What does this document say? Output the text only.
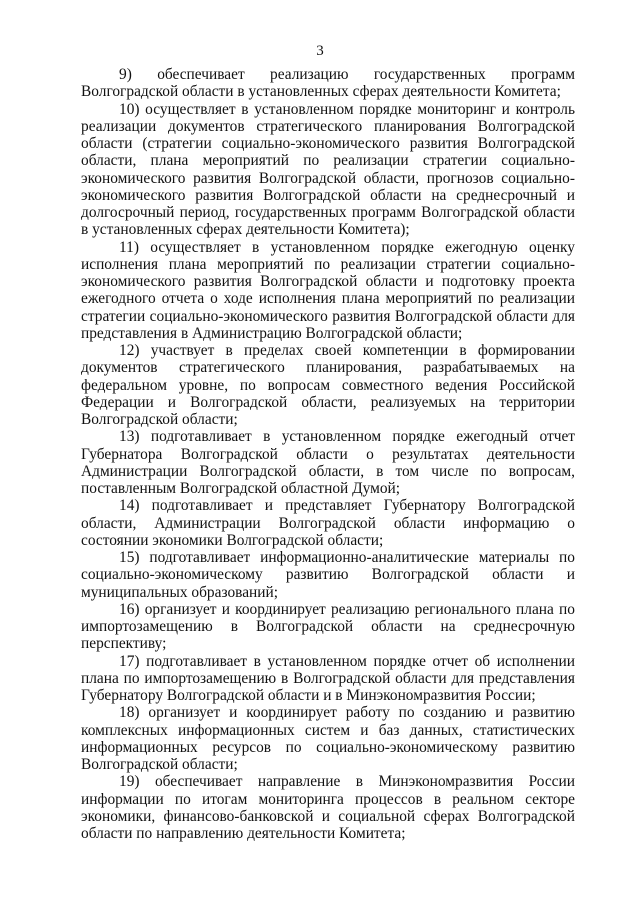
3

9) обеспечивает реализацию государственных программ Волгоградской области в установленных сферах деятельности Комитета;

10) осуществляет в установленном порядке мониторинг и контроль реализации документов стратегического планирования Волгоградской области (стратегии социально-экономического развития Волгоградской области, плана мероприятий по реализации стратегии социально-экономического развития Волгоградской области, прогнозов социально-экономического развития Волгоградской области на среднесрочный и долгосрочный период, государственных программ Волгоградской области в установленных сферах деятельности Комитета);

11) осуществляет в установленном порядке ежегодную оценку исполнения плана мероприятий по реализации стратегии социально-экономического развития Волгоградской области и подготовку проекта ежегодного отчета о ходе исполнения плана мероприятий по реализации стратегии социально-экономического развития Волгоградской области для представления в Администрацию Волгоградской области;

12) участвует в пределах своей компетенции в формировании документов стратегического планирования, разрабатываемых на федеральном уровне, по вопросам совместного ведения Российской Федерации и Волгоградской области, реализуемых на территории Волгоградской области;

13) подготавливает в установленном порядке ежегодный отчет Губернатора Волгоградской области о результатах деятельности Администрации Волгоградской области, в том числе по вопросам, поставленным Волгоградской областной Думой;

14) подготавливает и представляет Губернатору Волгоградской области, Администрации Волгоградской области информацию о состоянии экономики Волгоградской области;

15) подготавливает информационно-аналитические материалы по социально-экономическому развитию Волгоградской области и муниципальных образований;

16) организует и координирует реализацию регионального плана по импортозамещению в Волгоградской области на среднесрочную перспективу;

17) подготавливает в установленном порядке отчет об исполнении плана по импортозамещению в Волгоградской области для представления Губернатору Волгоградской области и в Минэкономразвития России;

18) организует и координирует работу по созданию и развитию комплексных информационных систем и баз данных, статистических информационных ресурсов по социально-экономическому развитию Волгоградской области;

19) обеспечивает направление в Минэкономразвития России информации по итогам мониторинга процессов в реальном секторе экономики, финансово-банковской и социальной сферах Волгоградской области по направлению деятельности Комитета;
